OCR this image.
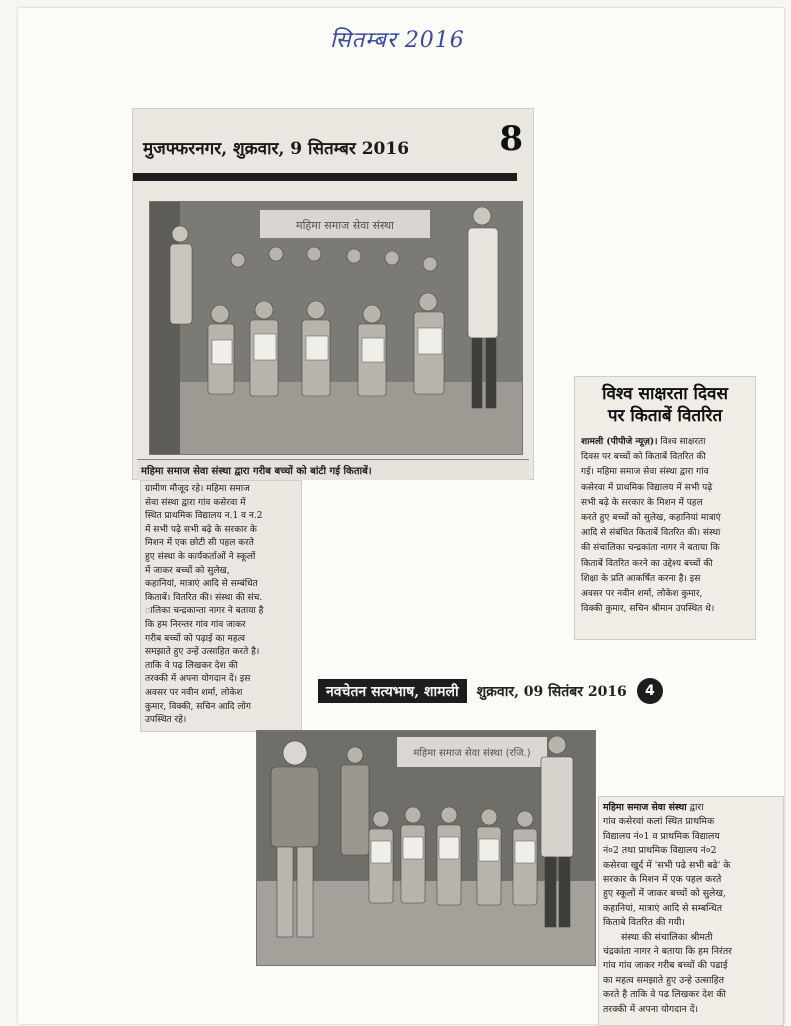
सितम्बर 2016
मुजफ्फरनगर, शुक्रवार, 9 सितम्बर 2016	8
महिमा समाज सेवा संस्था
महिमा समाज सेवा संस्था द्वारा गरीब बच्चों को बांटी गई किताबें।
ग्रामीण मौजूद रहे। महिमा समाज
सेवा संस्था द्वारा गांव कसेरवा में
स्थित प्राथमिक विद्यालय न.1 व न.2
में सभी पढ़े सभी बढ़े के सरकार के
मिशन में एक छोटी सी पहल करते
हुए संस्था के कार्यकर्ताओं ने स्कूलों
में जाकर बच्चों को सुलेख,
कहानियां, मात्राएं आदि से सम्बंधित
किताबें। वितरित की। संस्था की संच.
ालिका चन्द्रकान्ता नागर ने बताया है
कि हम निरन्तर गांव गांव जाकर
गरीब बच्चों को पढ़ाई का महत्व
समझाते हुए उन्हें उत्साहित करते है।
ताकि वे पढ़ लिखकर देश की
तरक्की में अपना योगदान दें। इस
अवसर पर नवीन शर्मा, लोकेश
कुमार, विक्की, सचिन आदि लोग
उपस्थित रहे।
विश्व साक्षरता दिवस
पर किताबें वितरित
शामली (पीपीजे न्यूज़)। विश्व साक्षरता
दिवस पर बच्चों को किताबें वितरित की
गई। महिमा समाज सेवा संस्था द्वारा गांव
कसेरवा में प्राथमिक विद्यालय में सभी पढ़े
सभी बढ़े के सरकार के मिशन में पहल
करते हुए बच्चों को सुलेख, कहानियां मात्राएं
आदि से संबंधित किताबें वितरित की। संस्था
की संचालिका चन्द्रकांता नागर ने बताया कि
किताबें वितरित करने का उद्देश्य बच्चों की
शिक्षा के प्रति आकर्षित करना है। इस
अवसर पर नवीन शर्मा, लोकेश कुमार,
विक्की कुमार, सचिन श्रीमान उपस्थित थे।
नवचेतन सत्यभाष, शामली	शुक्रवार, 09 सितंबर 2016	4
महिमा समाज सेवा संस्था (रजि.)
महिमा समाज सेवा संस्था द्वारा
गांव कसेरवां कलां स्थित प्राथमिक
विद्यालय नं०1 व प्राथमिक विद्यालय
नं०2 तथा प्राथमिक विद्यालय नं०2
कसेरवा खुर्द में 'सभी पढे सभी बढे' के
सरकार के मिशन में एक पहल करते
हुए स्कूलों में जाकर बच्चों को सुलेख,
कहानियां, मात्राएं आदि से सम्बन्धित
किताबे वितरित की गयी।
संस्था की संचालिका श्रीमती
चंद्रकांता नागर ने बताया कि हम निरंतर
गांव गांव जाकर गरीब बच्चों की पढाई
का महत्व समझाते हुए उन्हे उत्साहित
करते है ताकि वे पढ लिखकर देश की
तरक्की में अपना योगदान दें।
